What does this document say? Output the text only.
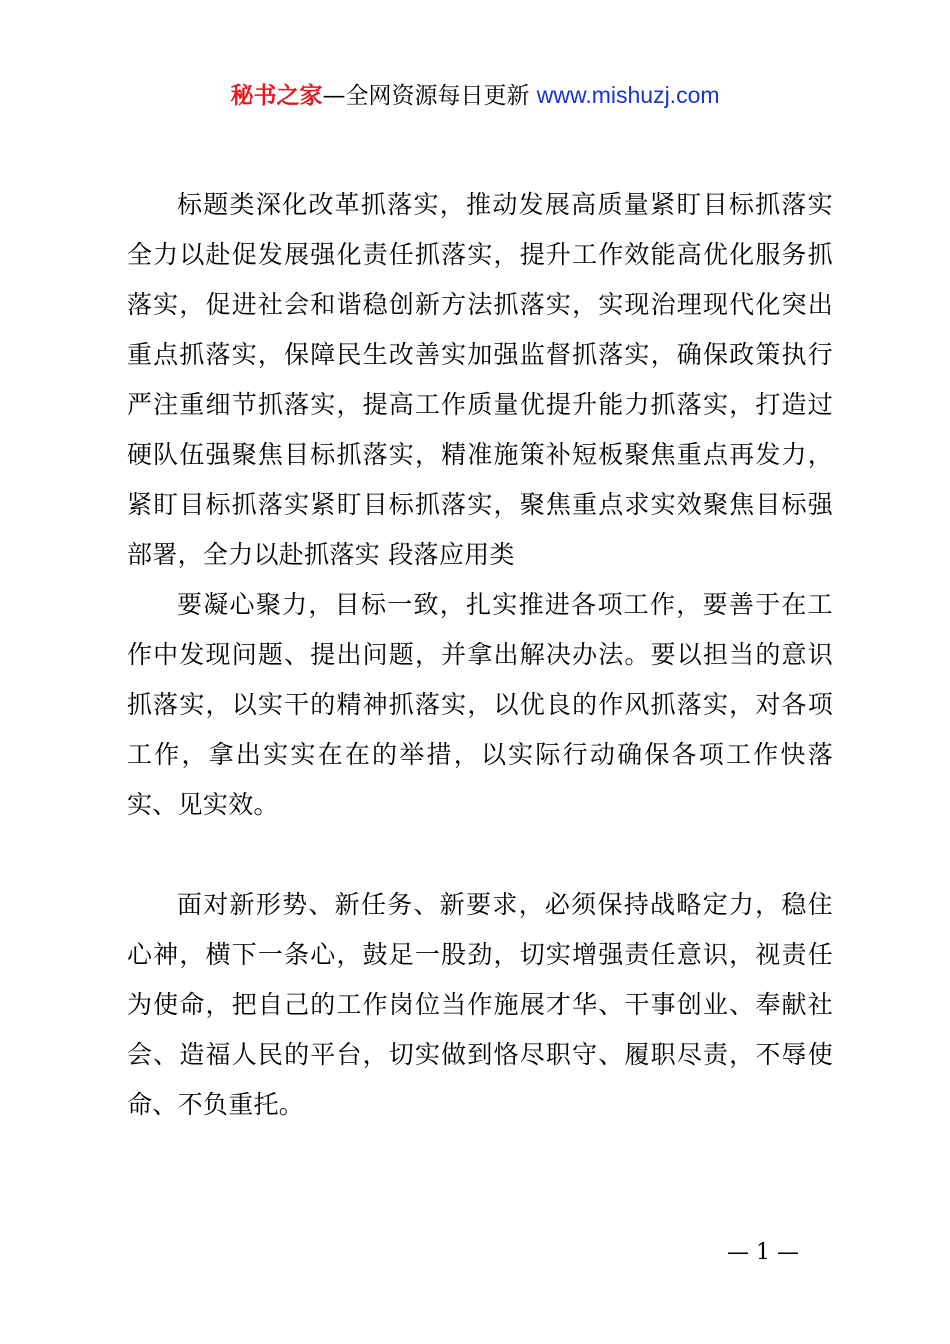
秘书之家—全网资源每日更新 www.mishuzj.com

标题类深化改革抓落实，推动发展高质量紧盯目标抓落实全力以赴促发展强化责任抓落实，提升工作效能高优化服务抓落实，促进社会和谐稳创新方法抓落实，实现治理现代化突出重点抓落实，保障民生改善实加强监督抓落实，确保政策执行严注重细节抓落实，提高工作质量优提升能力抓落实，打造过硬队伍强聚焦目标抓落实，精准施策补短板聚焦重点再发力，紧盯目标抓落实紧盯目标抓落实，聚焦重点求实效聚焦目标强部署，全力以赴抓落实 段落应用类

要凝心聚力，目标一致，扎实推进各项工作，要善于在工作中发现问题、提出问题，并拿出解决办法。要以担当的意识抓落实，以实干的精神抓落实，以优良的作风抓落实，对各项工作，拿出实实在在的举措，以实际行动确保各项工作快落实、见实效。

面对新形势、新任务、新要求，必须保持战略定力，稳住心神，横下一条心，鼓足一股劲，切实增强责任意识，视责任为使命，把自己的工作岗位当作施展才华、干事创业、奉献社会、造福人民的平台，切实做到恪尽职守、履职尽责，不辱使命、不负重托。

— 1 —
